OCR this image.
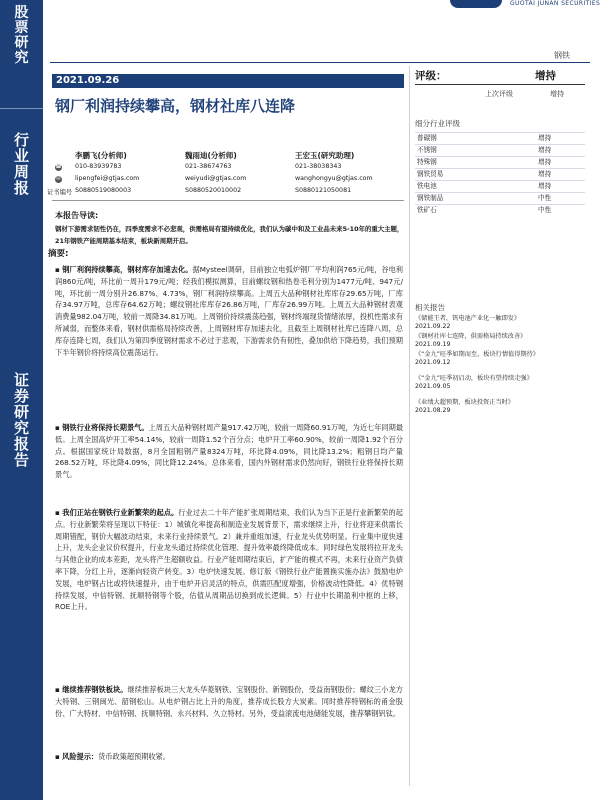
股
票
研
究
行
业
周
报
证
券
研
究
报
告
GUOTAI JUNAN SECURITIES
钢铁
2021.09.26
钢厂利润持续攀高，钢材社库八连降
李鹏飞(分析师)	魏雨迪(分析师)	王宏玉(研究助理)
☎ 010-83939783	021-38674763	021-38038343
✉ lipengfei@gtjas.com	weiyudi@gtjas.com	wanghongyu@gtjas.com
证书编号 S0880519080003	S0880520010002	S0880121050081
本报告导读:
钢材下游需求韧性仍在，四季度需求不必悲观，供需格局有望持续优化，我们认为碳中和及工业品未来5-10年的重大主题，21年钢铁产能周期基本结束，板块新周期开启。
摘要:
▪ 钢厂利润持续攀高，钢材库存加速去化。据Mysteel调研，目前独立电弧炉钢厂平均利润765元/吨，谷电利润860元/吨，环比前一周升179元/吨；经我们模拟测算，目前螺纹钢和热卷毛利分别为1477元/吨、947元/吨，环比前一周分别升26.87%、4.73%，钢厂利润持续攀高。上周五大品种钢材社库库存29.65万吨，厂库存34.97万吨，总库存64.62万吨；螺纹钢社库库存26.86万吨，厂库存26.99万吨。上周五大品种钢材表观消费量982.04万吨，较前一周降34.81万吨。上周钢价持续震荡趋强，钢材终端现货情绪浓厚，投机性需求有所减弱，而整体来看，钢材供需格局持续改善，上周钢材库存加速去化，且截至上周钢材社库已连降八周，总库存连降七周，我们认为第四季度钢材需求不必过于悲观，下游需求仍有韧性，叠加供给下降趋势，我们预期下半年钢价将持续高位震荡运行。
▪ 钢铁行业将保持长期景气。上周五大品种钢材周产量917.42万吨，较前一周降60.91万吨，为近七年同期最低。上周全国高炉开工率54.14%，较前一周降1.52个百分点；电炉开工率60.90%，较前一周降1.92个百分点。根据国家统计局数据，8月全国粗钢产量8324万吨，环比降4.09%，同比降13.2%；粗钢日均产量268.52万吨，环比降4.09%，同比降12.24%。总体来看，国内外钢材需求仍然向好，钢铁行业将保持长期景气。
▪ 我们正站在钢铁行业新繁荣的起点。行业过去二十年产能扩张周期结束，我们认为当下正是行业新繁荣的起点。行业新繁荣将呈现以下特征：1）城镇化率提高和制造业发展背景下，需求继续上升，行业将迎来供需长周期错配，钢价大幅波动结束，未来行业持续景气。2）兼并重组加速，行业龙头优势明显。行业集中度快速上升，龙头企业议价权提升，行业龙头通过持续优化管理、提升效率最终降低成本。同时绿色发展将拉开龙头与其他企业的成本差距，龙头将产生超额收益。行业产能周期结束后，扩产能的模式不再，未来行业资产负债率下降，分红上升，逐渐向轻资产转变。3）电炉快速发展。修订版《钢铁行业产能置换实施办法》鼓励电炉发展，电炉钢占比或将快速提升，由于电炉开启灵活的特点，供需匹配度增强，价格波动性降低。4）优特钢持续发展，中信特钢、抚顺特钢等个股，估值从周期品切换到成长逻辑。5）行业中长期盈利中枢的上移，ROE上升。
▪ 继续推荐钢铁板块。继续推荐板块三大龙头华菱钢铁、宝钢股份、新钢股份，受益南钢股份；螺纹三小龙方大特钢、三钢闽光、韶钢松山。从电炉钢占比上升的角度，推荐成长股方大炭素。同时推荐特钢标的甬金股份、广大特材、中信特钢、抚顺特钢、永兴材料、久立特材。另外，受益滚流电池储能发展，推荐攀钢钒钛。
▪ 风险提示：货币政策超预期收紧。
评级：	增持
上次评级	增持
细分行业评级
普碳钢	增持
不锈钢	增持
特殊钢	增持
钢铁贸易	增持
铁电池	增持
钢铁制品	中性
铁矿石	中性
相关报告
《储能王者，钒电池产业化一触即发》
2021.09.22
《钢材社库七连降，供需格局持续改善》
2021.09.19
《“金九”旺季如期而至，板块行情值得期待》
2021.09.12
《“金九”旺季初启动，板块有望持续走强》
2021.09.05
《业绩大超预期，板块投资正当时》
2021.08.29
